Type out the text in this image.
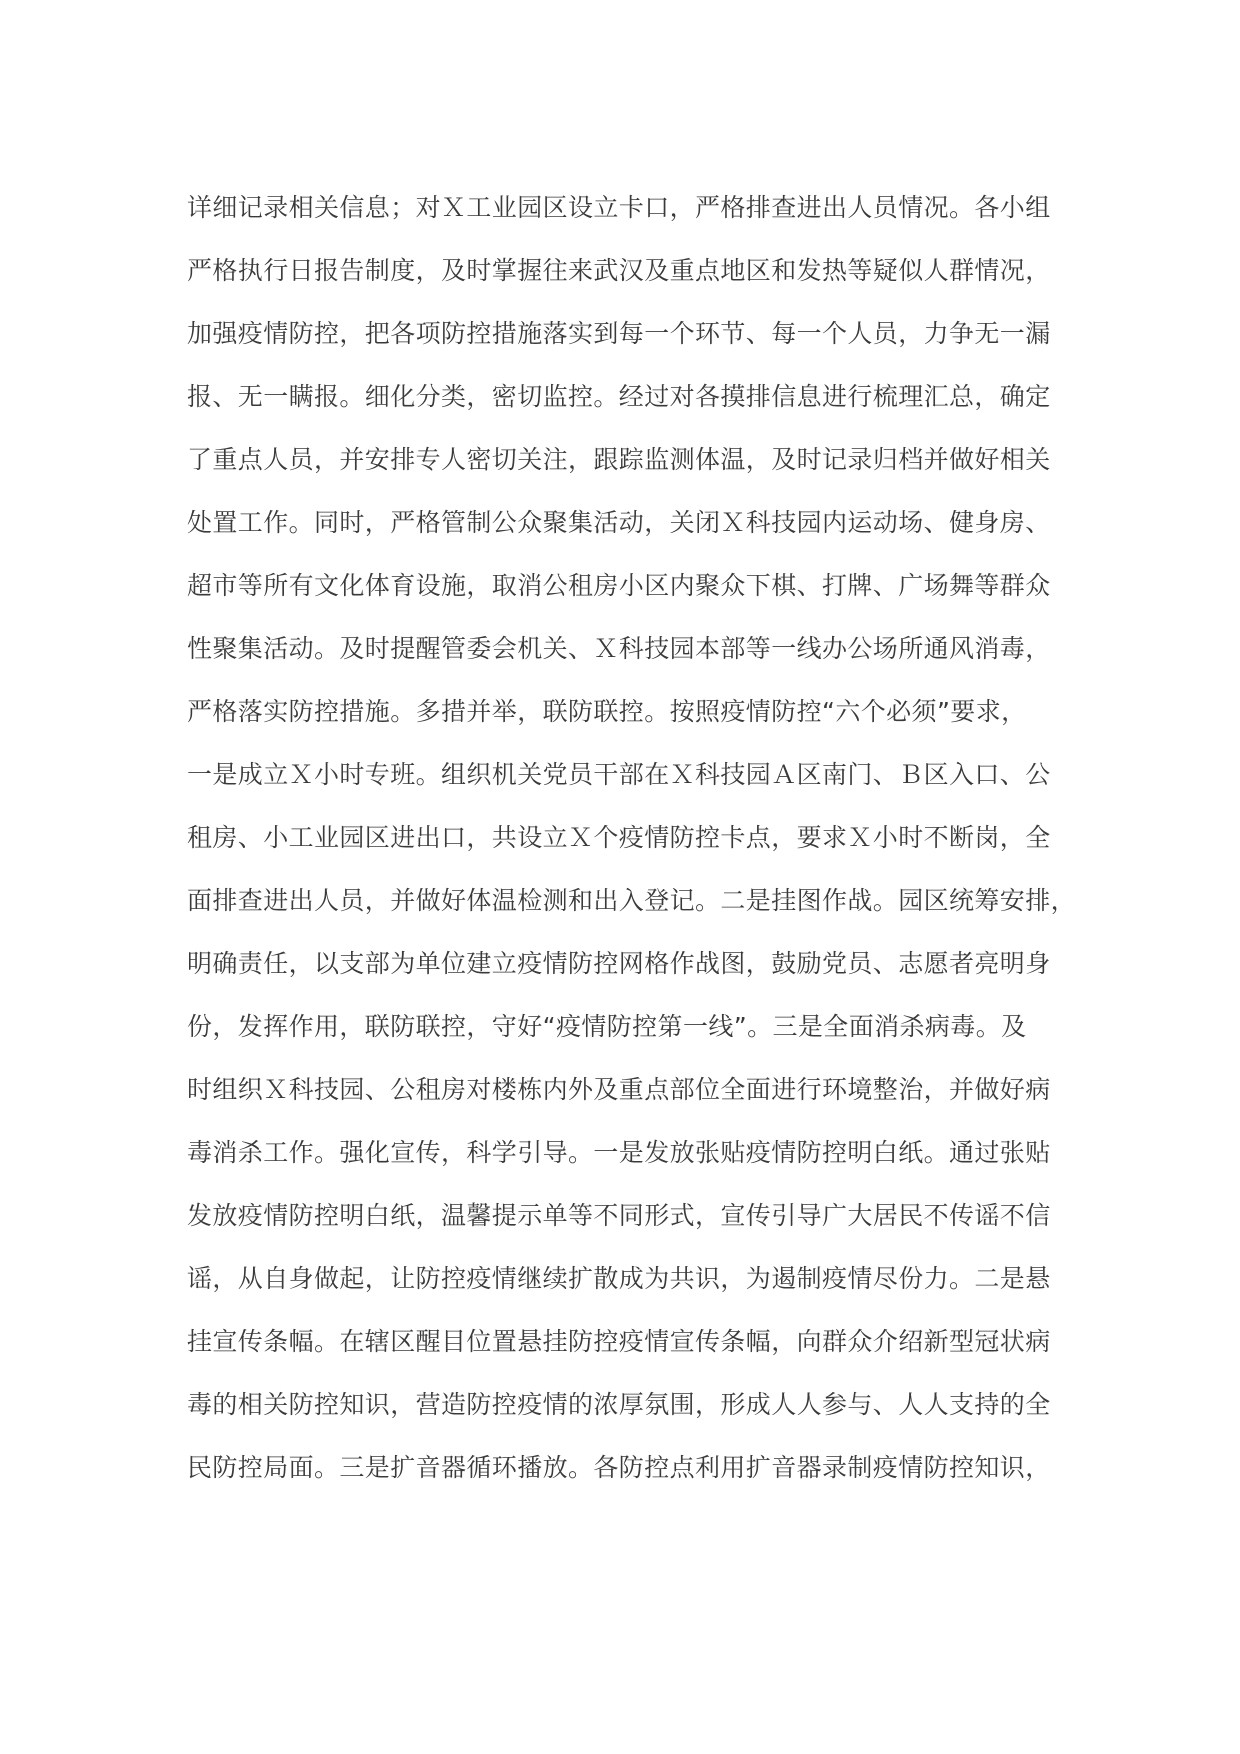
详细记录相关信息；对Ｘ工业园区设立卡口，严格排查进出人员情况。各小组

严格执行日报告制度，及时掌握往来武汉及重点地区和发热等疑似人群情况，

加强疫情防控，把各项防控措施落实到每一个环节、每一个人员，力争无一漏

报、无一瞒报。细化分类，密切监控。经过对各摸排信息进行梳理汇总，确定

了重点人员，并安排专人密切关注，跟踪监测体温，及时记录归档并做好相关

处置工作。同时，严格管制公众聚集活动，关闭Ｘ科技园内运动场、健身房、

超市等所有文化体育设施，取消公租房小区内聚众下棋、打牌、广场舞等群众

性聚集活动。及时提醒管委会机关、Ｘ科技园本部等一线办公场所通风消毒，

严格落实防控措施。多措并举，联防联控。按照疫情防控“六个必须”要求，

一是成立Ｘ小时专班。组织机关党员干部在Ｘ科技园Ａ区南门、Ｂ区入口、公

租房、小工业园区进出口，共设立Ｘ个疫情防控卡点，要求Ｘ小时不断岗，全

面排查进出人员，并做好体温检测和出入登记。二是挂图作战。园区统筹安排，

明确责任，以支部为单位建立疫情防控网格作战图，鼓励党员、志愿者亮明身

份，发挥作用，联防联控，守好“疫情防控第一线”。三是全面消杀病毒。及

时组织Ｘ科技园、公租房对楼栋内外及重点部位全面进行环境整治，并做好病

毒消杀工作。强化宣传，科学引导。一是发放张贴疫情防控明白纸。通过张贴

发放疫情防控明白纸，温馨提示单等不同形式，宣传引导广大居民不传谣不信

谣，从自身做起，让防控疫情继续扩散成为共识，为遏制疫情尽份力。二是悬

挂宣传条幅。在辖区醒目位置悬挂防控疫情宣传条幅，向群众介绍新型冠状病

毒的相关防控知识，营造防控疫情的浓厚氛围，形成人人参与、人人支持的全

民防控局面。三是扩音器循环播放。各防控点利用扩音器录制疫情防控知识，
